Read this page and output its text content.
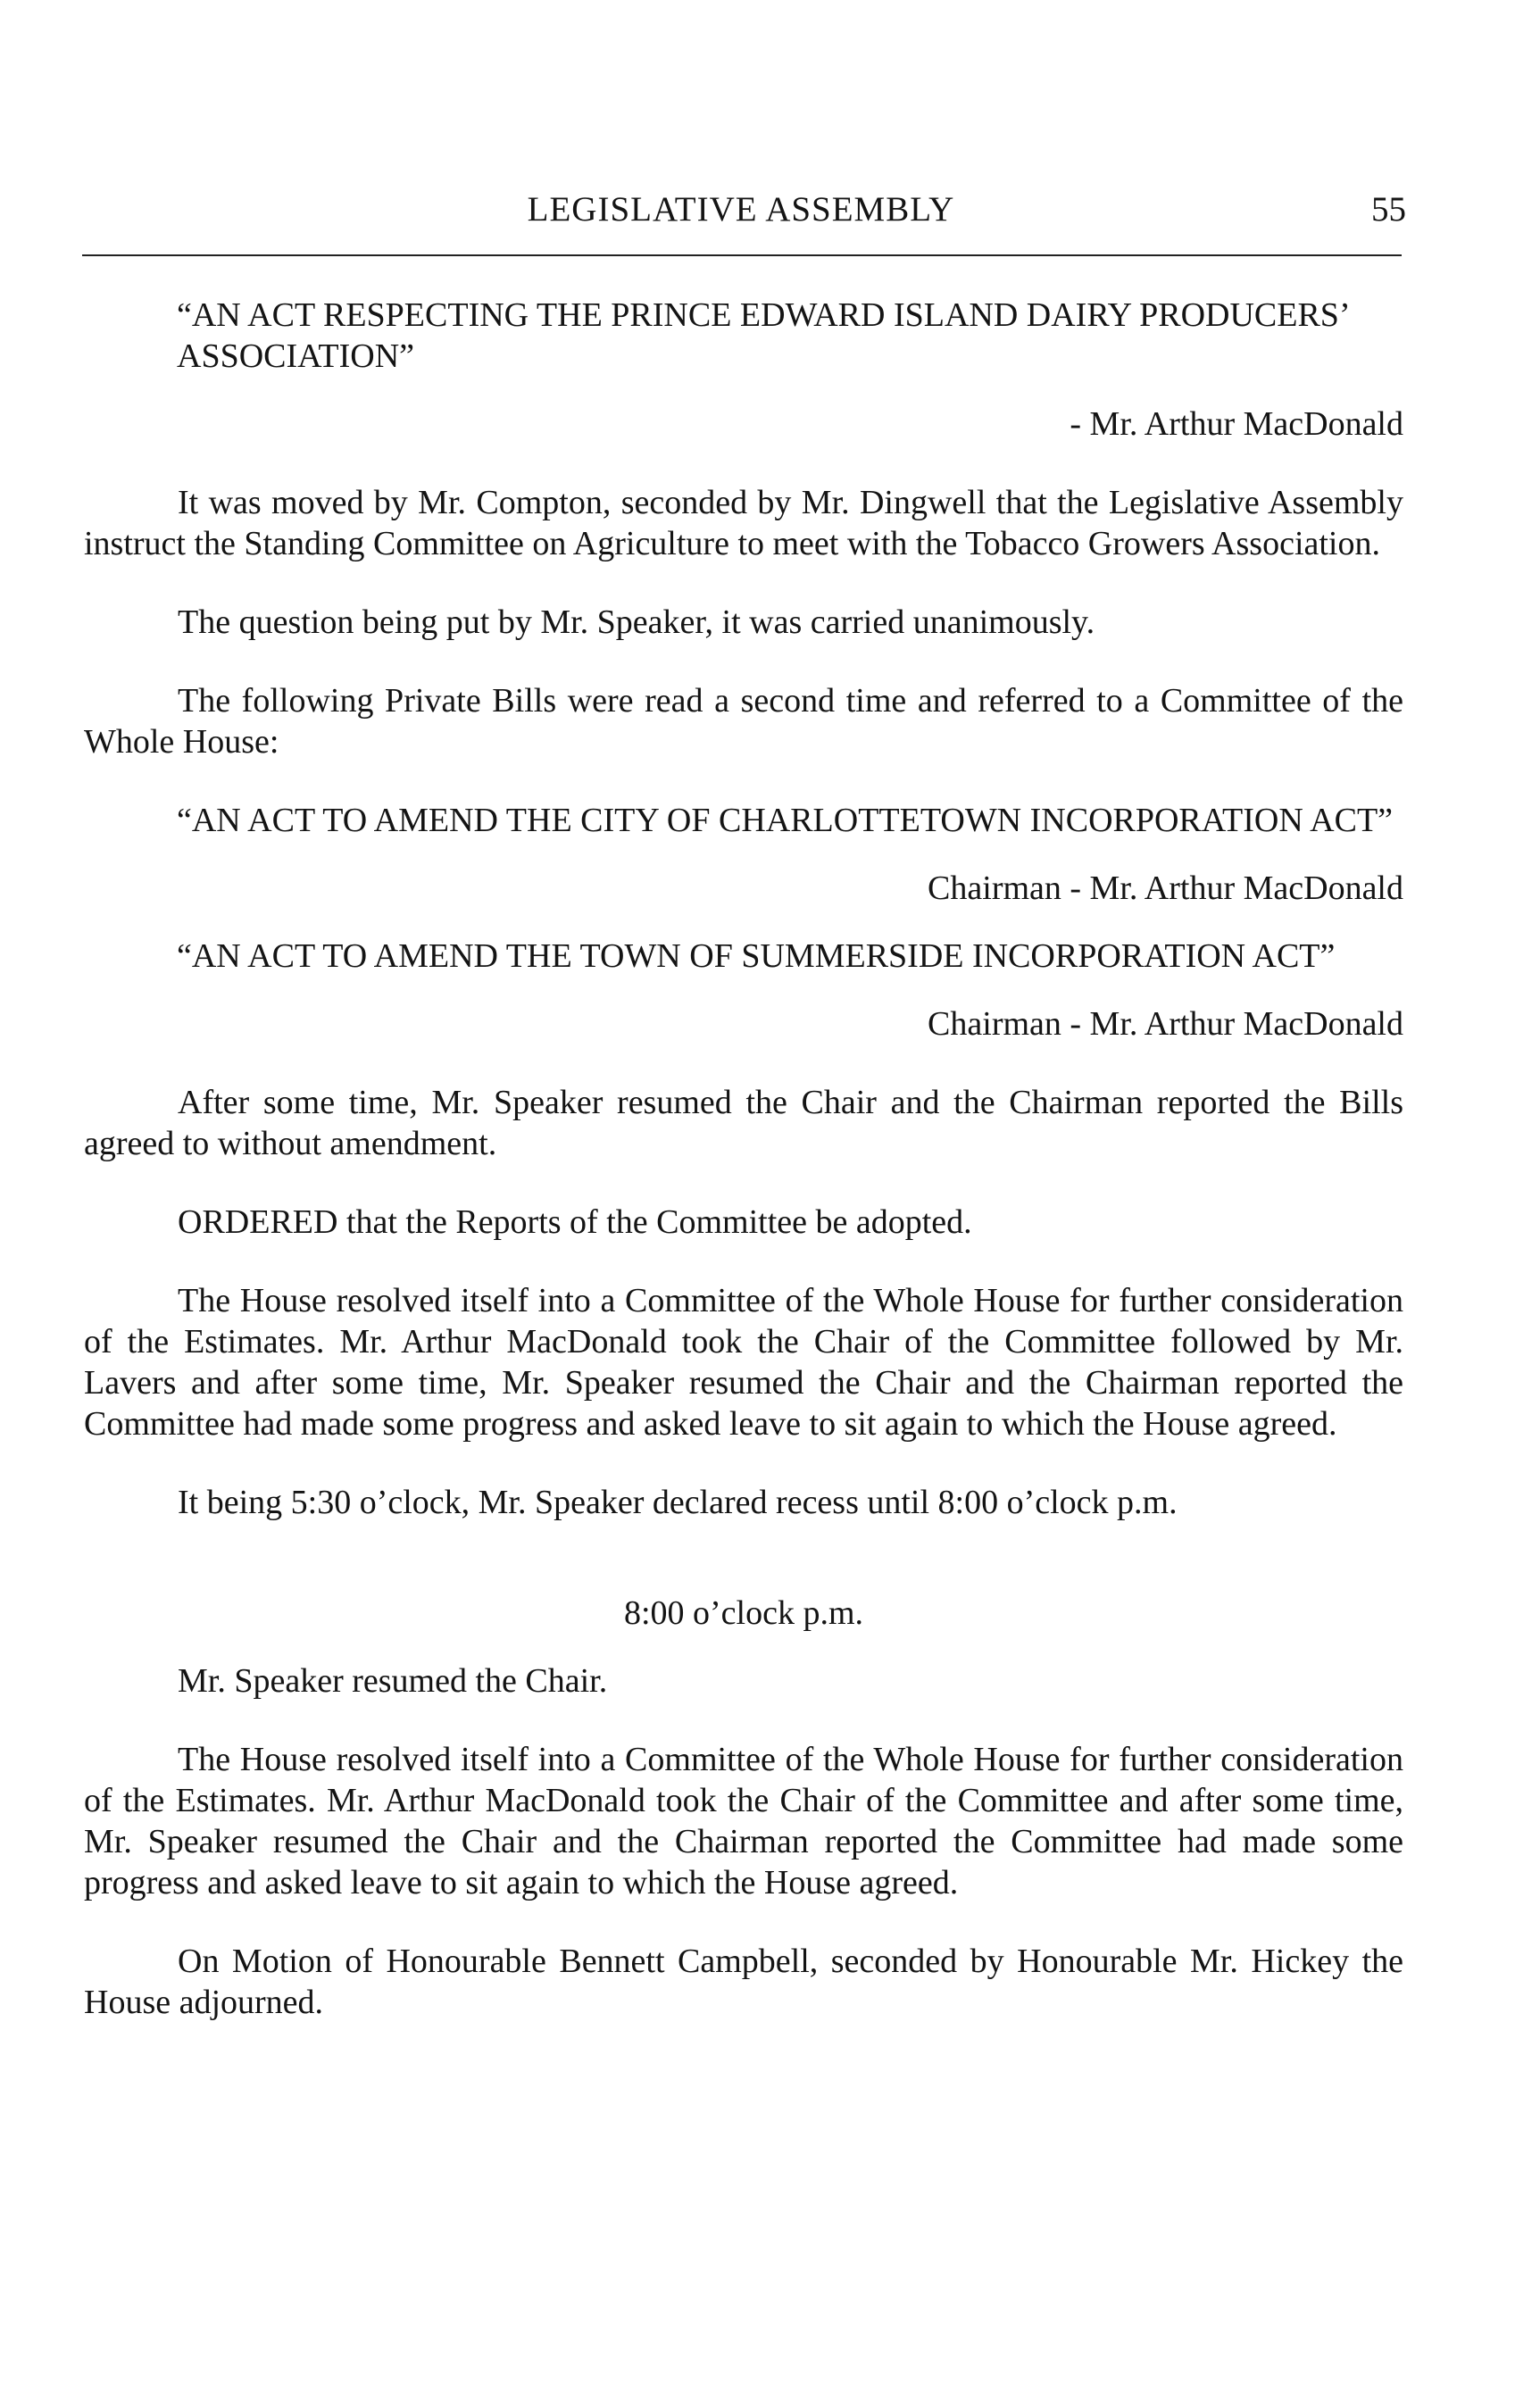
LEGISLATIVE ASSEMBLY	55

“AN ACT RESPECTING THE PRINCE EDWARD ISLAND DAIRY PRODUCERS’ ASSOCIATION”

- Mr. Arthur MacDonald

It was moved by Mr. Compton, seconded by Mr. Dingwell that the Legislative Assembly instruct the Standing Committee on Agriculture to meet with the Tobacco Growers Association.

The question being put by Mr. Speaker, it was carried unanimously.

The following Private Bills were read a second time and referred to a Committee of the Whole House:

“AN ACT TO AMEND THE CITY OF CHARLOTTETOWN INCORPORATION ACT”

Chairman - Mr. Arthur MacDonald

“AN ACT TO AMEND THE TOWN OF SUMMERSIDE INCORPORATION ACT”

Chairman - Mr. Arthur MacDonald

After some time, Mr. Speaker resumed the Chair and the Chairman reported the Bills agreed to without amendment.

ORDERED that the Reports of the Committee be adopted.

The House resolved itself into a Committee of the Whole House for further consideration of the Estimates. Mr. Arthur MacDonald took the Chair of the Committee followed by Mr. Lavers and after some time, Mr. Speaker resumed the Chair and the Chairman reported the Committee had made some progress and asked leave to sit again to which the House agreed.

It being 5:30 o’clock, Mr. Speaker declared recess until 8:00 o’clock p.m.

8:00 o’clock p.m.

Mr. Speaker resumed the Chair.

The House resolved itself into a Committee of the Whole House for further consideration of the Estimates. Mr. Arthur MacDonald took the Chair of the Committee and after some time, Mr. Speaker resumed the Chair and the Chairman reported the Committee had made some progress and asked leave to sit again to which the House agreed.

On Motion of Honourable Bennett Campbell, seconded by Honourable Mr. Hickey the House adjourned.
